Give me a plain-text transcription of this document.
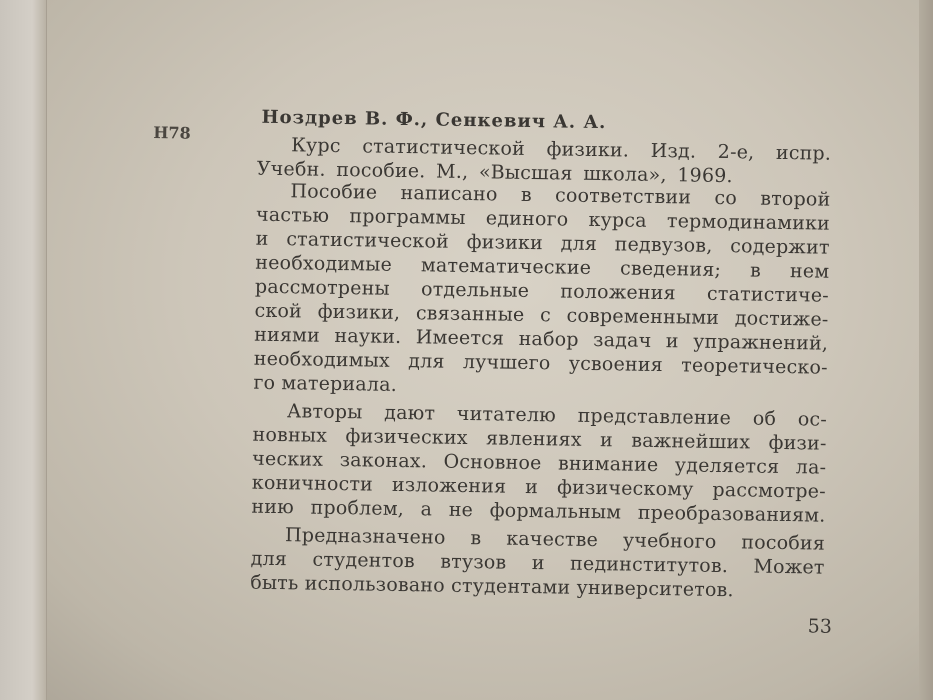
Н78	Ноздрев В. Ф., Сенкевич А. А.
Курс статистической физики. Изд. 2-е, испр.
Учебн. пособие. М., «Высшая школа», 1969.
Пособие написано в соответствии со второй
частью программы единого курса термодинамики
и статистической физики для педвузов, содержит
необходимые математические сведения; в нем
рассмотрены отдельные положения статистиче-
ской физики, связанные с современными достиже-
ниями науки. Имеется набор задач и упражнений,
необходимых для лучшего усвоения теоретическо-
го материала.
Авторы дают читателю представление об ос-
новных физических явлениях и важнейших физи-
ческих законах. Основное внимание уделяется ла-
коничности изложения и физическому рассмотре-
нию проблем, а не формальным преобразованиям.
Предназначено в качестве учебного пособия
для студентов втузов и пединститутов. Может
быть использовано студентами университетов.
53
